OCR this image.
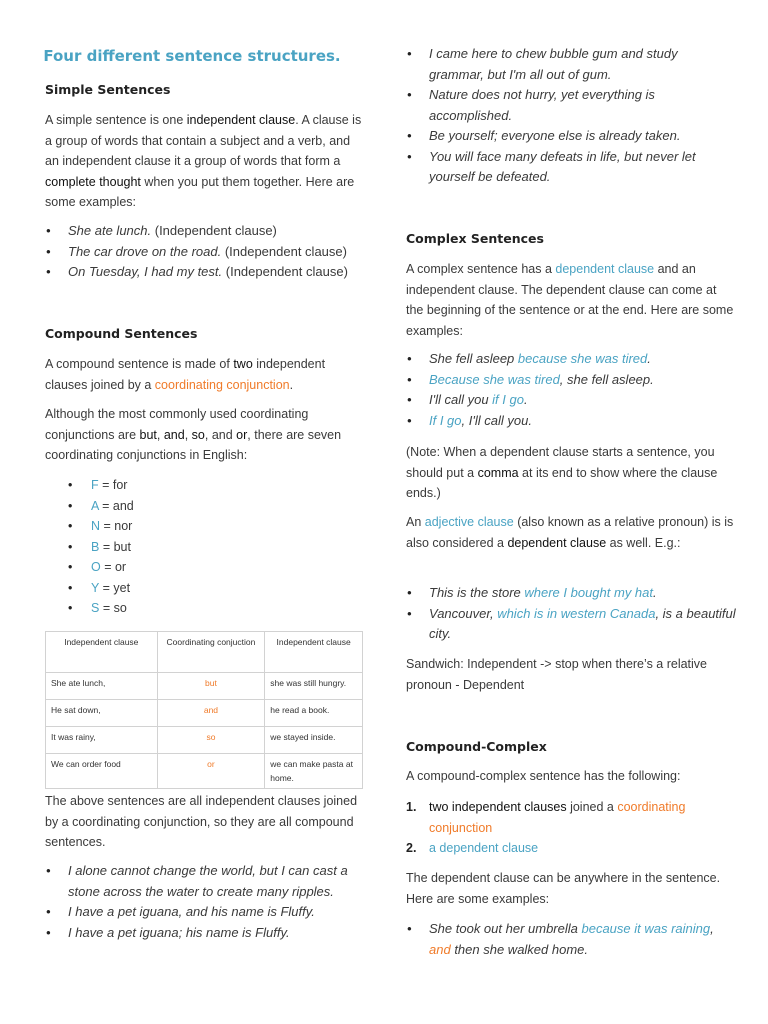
Four different sentence structures.
Simple Sentences

A simple sentence is one independent clause. A clause is a group of words that contain a subject and a verb, and an independent clause it a group of words that form a complete thought when you put them together. Here are some examples:

• She ate lunch. (Independent clause)
• The car drove on the road. (Independent clause)
• On Tuesday, I had my test. (Independent clause)
Compound Sentences

A compound sentence is made of two independent clauses joined by a coordinating conjunction.

Although the most commonly used coordinating conjunctions are but, and, so, and or, there are seven coordinating conjunctions in English:

• F = for
• A = and
• N = nor
• B = but
• O = or
• Y = yet
• S = so
Independent clause	Coordinating conjuction	Independent clause
She ate lunch,	but	she was still hungry.
He sat down,	and	he read a book.
It was rainy,	so	we stayed inside.
We can order food	or	we can make pasta at home.

The above sentences are all independent clauses joined by a coordinating conjunction, so they are all compound sentences.

• I alone cannot change the world, but I can cast a stone across the water to create many ripples.
• I have a pet iguana, and his name is Fluffy.
• I have a pet iguana; his name is Fluffy.
• I came here to chew bubble gum and study grammar, but I'm all out of gum.
• Nature does not hurry, yet everything is accomplished.
• Be yourself; everyone else is already taken.
• You will face many defeats in life, but never let yourself be defeated.
Complex Sentences

A complex sentence has a dependent clause and an independent clause. The dependent clause can come at the beginning of the sentence or at the end. Here are some examples:

• She fell asleep because she was tired.
• Because she was tired, she fell asleep.
• I'll call you if I go.
• If I go, I'll call you.

(Note: When a dependent clause starts a sentence, you should put a comma at its end to show where the clause ends.)

An adjective clause (also known as a relative pronoun) is is also considered a dependent clause as well. E.g.:

• This is the store where I bought my hat.
• Vancouver, which is in western Canada, is a beautiful city.

Sandwich: Independent -> stop when there’s a relative pronoun - Dependent

Compound-Complex

A compound-complex sentence has the following:

1. two independent clauses joined a coordinating conjunction
2. a dependent clause

The dependent clause can be anywhere in the sentence. Here are some examples:

• She took out her umbrella because it was raining, and then she walked home.
